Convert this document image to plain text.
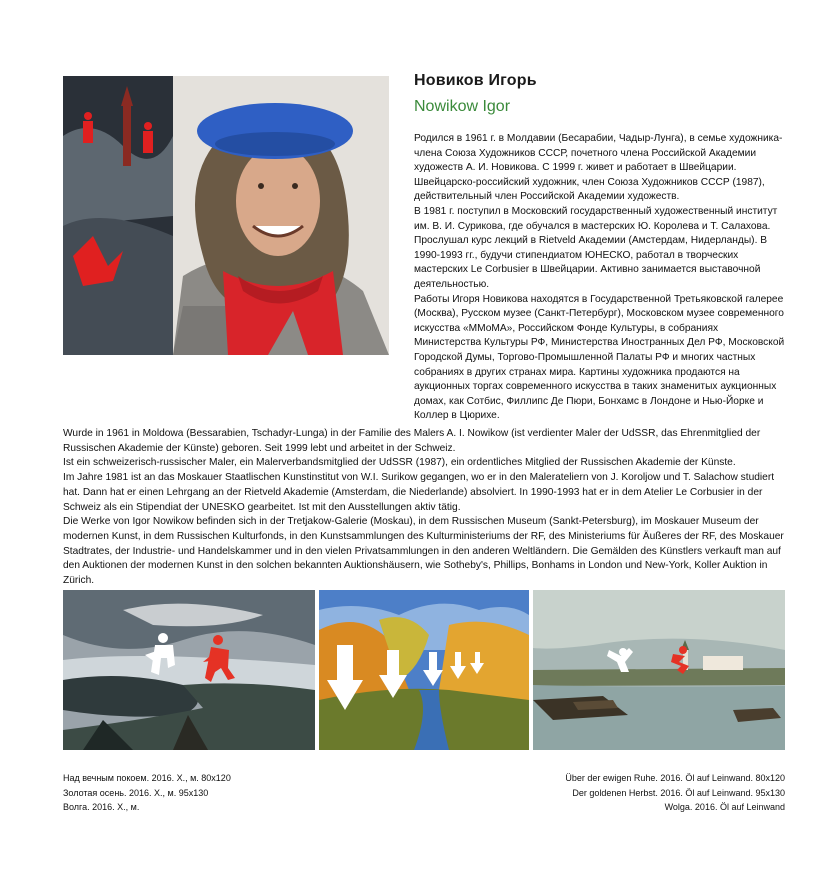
Новиков Игорь
Nowikow Igor

Родился в 1961 г. в Молдавии (Бесарабии, Чадыр-Лунга), в семье художника-члена Союза Художников СССР, почетного члена Российской Академии художеств А. И. Новикова. С 1999 г. живет и работает в Швейцарии.

Швейцарско-российский художник, член Союза Художников СССР (1987), действительный член Российской Академии художеств.

В 1981 г. поступил в Московский государственный художественный институт им. В. И. Сурикова, где обучался в мастерских Ю. Королева и Т. Салахова. Прослушал курс лекций в Rietveld Академии (Амстердам, Нидерланды). В 1990-1993 гг., будучи стипендиатом ЮНЕСКО, работал в творческих мастерских Le Corbusier в Швейцарии. Активно занимается выставочной деятельностью.

Работы Игоря Новикова находятся в Государственной Третьяковской галерее (Москва), Русском музее (Санкт-Петербург), Московском музее современного искусства «ММоМА», Российском Фонде Культуры, в собраниях Министерства Культуры РФ, Министерства Иностранных Дел РФ, Московской Городской Думы, Торгово-Промышленной Палаты РФ и многих частных собраниях в других странах мира. Картины художника продаются на аукционных торгах современного искусства в таких знаменитых аукционных домах, как Сотбис, Филлипс Де Пюри, Бонхамс в Лондоне и Нью-Йорке и Коллер в Цюрихе.

Wurde in 1961 in Moldowa (Bessarabien, Tschadyr-Lunga) in der Familie des Malers A. I. Nowikow (ist verdienter Maler der UdSSR, das Ehrenmitglied der Russischen Akademie der Künste) geboren. Seit 1999 lebt und arbeitet in der Schweiz.

Ist ein schweizerisch-russischer Maler, ein Malerverbandsmitglied der UdSSR (1987), ein ordentliches Mitglied der Russischen Akademie der Künste.

Im Jahre 1981 ist an das Moskauer Staatlischen Kunstinstitut von W.I. Surikow gegangen, wo er in den Malerateliern von J. Koroljow und T. Salachow studiert hat. Dann hat er einen Lehrgang an der Rietveld Akademie (Amsterdam, die Niederlande) absolviert. In 1990-1993 hat er in dem Atelier Le Corbusier in der Schweiz als ein Stipendiat der UNESKO gearbeitet. Ist mit den Ausstellungen aktiv tätig.

Die Werke von Igor Nowikow befinden sich in der Tretjakow-Galerie (Moskau), in dem Russischen Museum (Sankt-Petersburg), im Moskauer Museum der modernen Kunst, in dem Russischen Kulturfonds, in den Kunstsammlungen des Kulturministeriums der RF, des Ministeriums für Äußeres der RF, des Moskauer Stadtrates, der Industrie- und Handelskammer und in den vielen Privatsammlungen in den anderen Weltländern. Die Gemälden des Künstlers verkauft man auf den Auktionen der modernen Kunst in den solchen bekannten Auktionshäusern, wie Sotheby's, Phillips, Bonhams in London und New-York, Koller Auktion in Zürich.

Над вечным покоем. 2016. Х., м. 80х120
Золотая осень. 2016. Х., м. 95х130
Волга. 2016. Х., м.
Über der ewigen Ruhe. 2016. Öl auf Leinwand. 80x120
Der goldenen Herbst. 2016. Öl auf Leinwand. 95x130
Wolga. 2016. Öl auf Leinwand
